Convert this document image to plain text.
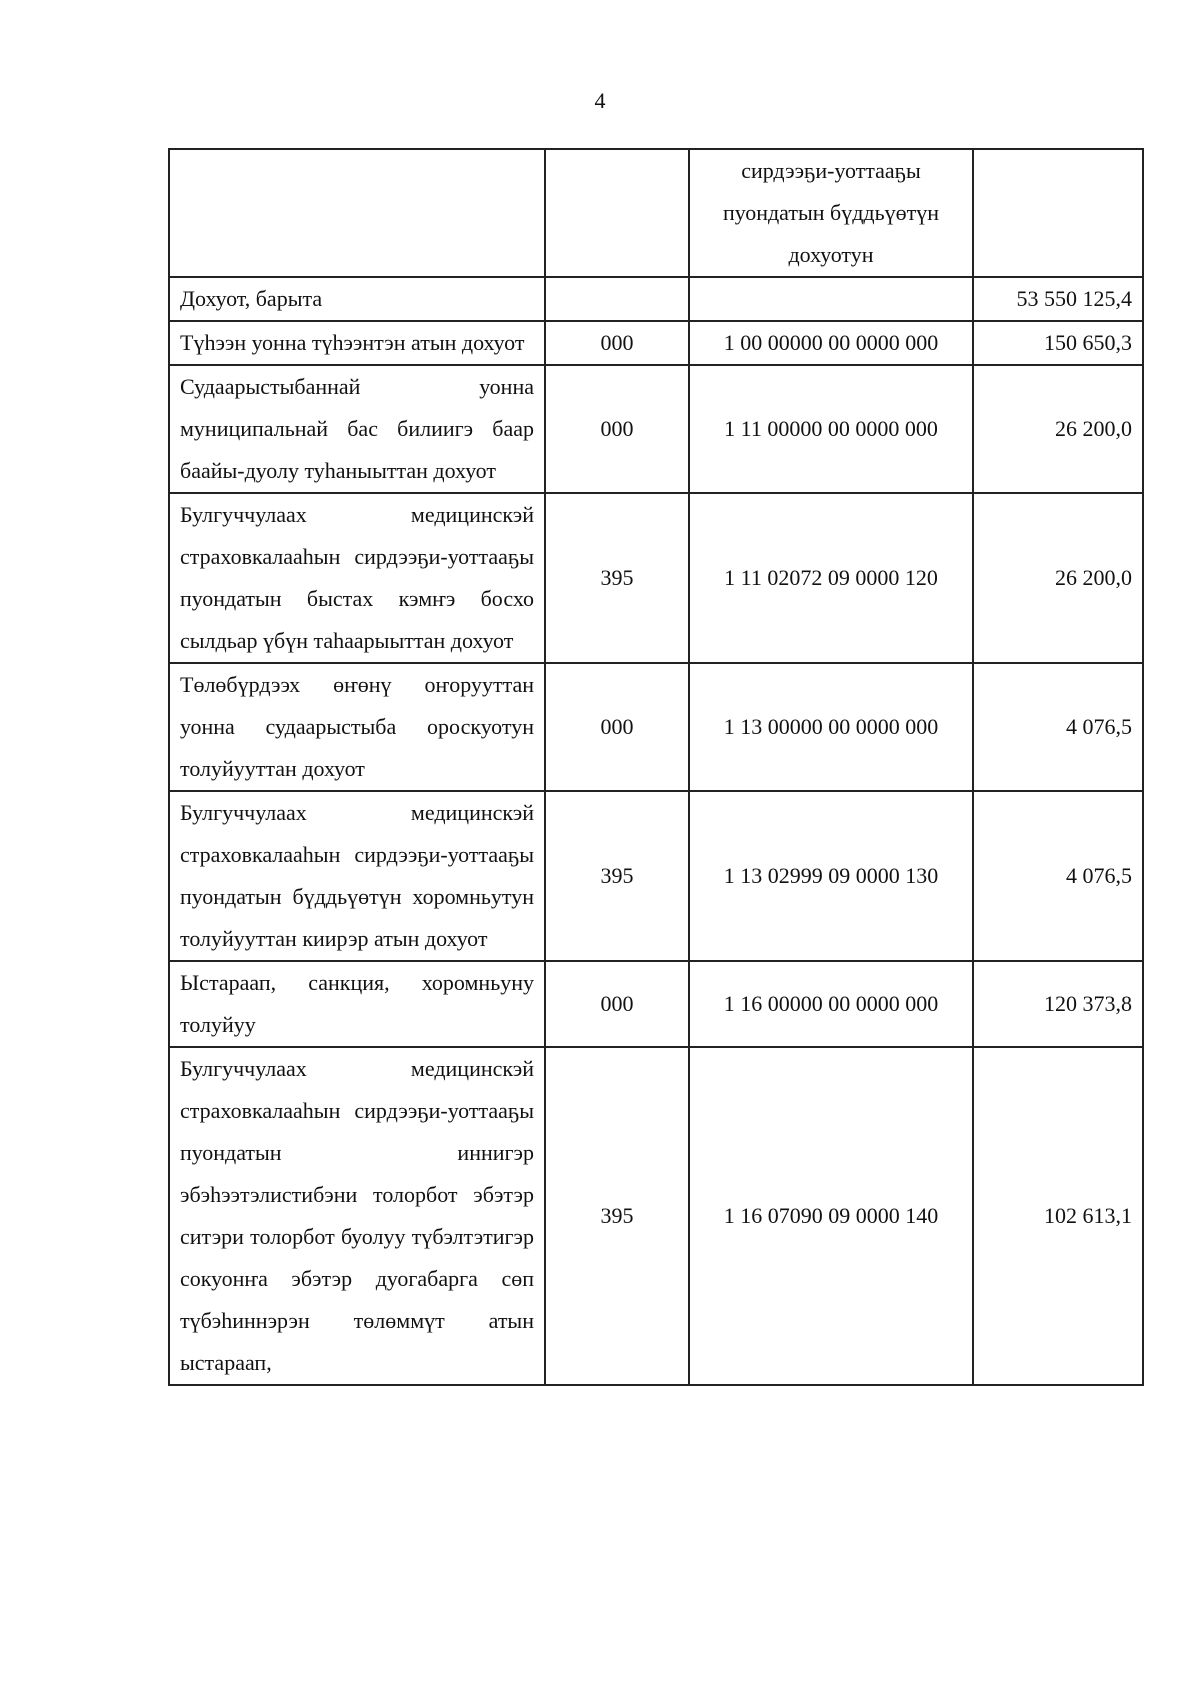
4
		сирдээҕи-уоттааҕы пуондатын бүддьүөтүн дохуотун	
Дохуот, барыта			53 550 125,4
Түһээн уонна түһээнтэн атын дохуот	000	1 00 00000 00 0000 000	150 650,3
Судаарыстыбаннай уонна муниципальнай бас билиигэ баар баайы-дуолу туһаныыттан дохуот	000	1 11 00000 00 0000 000	26 200,0
Булгуччулаах медицинскэй страховкалааһын сирдээҕи-уоттааҕы пуондатын быстах кэмҥэ босхо сылдьар үбүн таһаарыыттан дохуот	395	1 11 02072 09 0000 120	26 200,0
Төлөбүрдээх өҥөнү оҥорууттан уонна судаарыстыба ороскуотун толуйууттан дохуот	000	1 13 00000 00 0000 000	4 076,5
Булгуччулаах медицинскэй страховкалааһын сирдээҕи-уоттааҕы пуондатын бүддьүөтүн хоромньутун толуйууттан киирэр атын дохуот	395	1 13 02999 09 0000 130	4 076,5
Ыстараап, санкция, хоромньуну толуйуу	000	1 16 00000 00 0000 000	120 373,8
Булгуччулаах медицинскэй страховкалааһын сирдээҕи-уоттааҕы пуондатын иннигэр эбэһээтэлистибэни толорбот эбэтэр ситэри толорбот буолуу түбэлтэтигэр сокуонҥа эбэтэр дуогабарга сөп түбэһиннэрэн төлөммүт атын ыстараап,	395	1 16 07090 09 0000 140	102 613,1
